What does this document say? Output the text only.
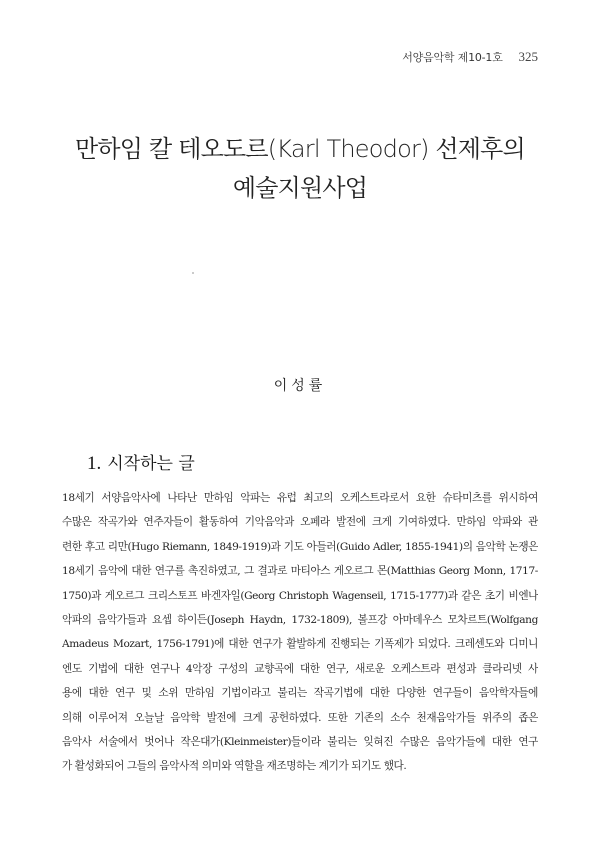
서양음악학 제10-1호 325
만하임 칼 테오도르(Karl Theodor) 선제후의
예술지원사업
이성률
1. 시작하는 글
18세기 서양음악사에 나타난 만하임 악파는 유럽 최고의 오케스트라로서 요한 슈타미츠를 위시하여
수많은 작곡가와 연주자들이 활동하여 기악음악과 오페라 발전에 크게 기여하였다. 만하임 악파와 관
련한 후고 리만(Hugo Riemann, 1849-1919)과 기도 아들러(Guido Adler, 1855-1941)의 음악학 논쟁은
18세기 음악에 대한 연구를 촉진하였고, 그 결과로 마티아스 게오르그 몬(Matthias Georg Monn, 1717-
1750)과 게오르그 크리스토프 바겐자일(Georg Christoph Wagenseil, 1715-1777)과 같은 초기 비엔나
악파의 음악가들과 요셉 하이든(Joseph Haydn, 1732-1809), 볼프강 아마데우스 모차르트(Wolfgang
Amadeus Mozart, 1756-1791)에 대한 연구가 활발하게 진행되는 기폭제가 되었다. 크레센도와 디미니
엔도 기법에 대한 연구나 4악장 구성의 교향곡에 대한 연구, 새로운 오케스트라 편성과 클라리넷 사
용에 대한 연구 및 소위 만하임 기법이라고 불리는 작곡기법에 대한 다양한 연구들이 음악학자들에
의해 이루어져 오늘날 음악학 발전에 크게 공헌하였다. 또한 기존의 소수 천재음악가들 위주의 좁은
음악사 서술에서 벗어나 작은대가(Kleinmeister)들이라 불리는 잊혀진 수많은 음악가들에 대한 연구
가 활성화되어 그들의 음악사적 의미와 역할을 재조명하는 계기가 되기도 했다.
